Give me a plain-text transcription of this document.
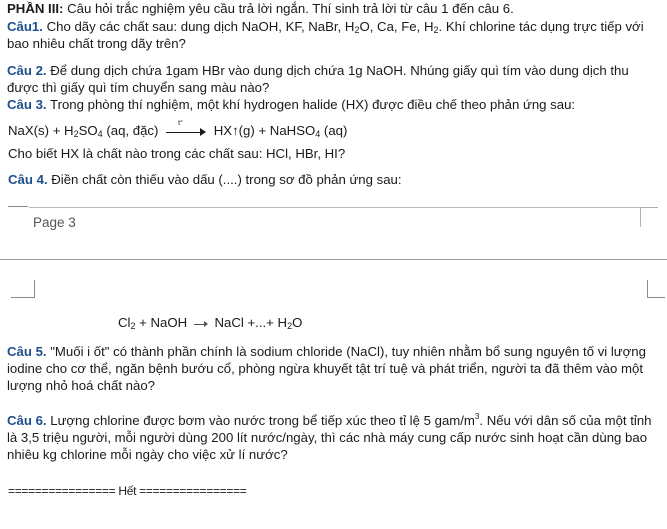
PHẦN III: Câu hỏi trắc nghiệm yêu cầu trả lời ngắn. Thí sinh trả lời từ câu 1 đến câu 6.
Câu1. Cho dãy các chất sau: dung dịch NaOH, KF, NaBr, $H_2O$, Ca, Fe, $H_2$. Khí chlorine tác dụng trực tiếp với bao nhiêu chất trong dãy trên?
Câu 2. Để dung dịch chứa 1gam HBr vào dung dịch chứa 1g NaOH. Nhúng giấy quì tím vào dung dịch thu được thì giấy quì tím chuyển sang màu nào?
Câu 3. Trong phòng thí nghiệm, một khí hydrogen halide (HX) được điều chế theo phản ứng sau:
$NaX(s) + H_2SO_4$ (aq, đặc)	t° HX↑(g) + NaHSO$_4$ (aq)
Cho biết HX là chất nào trong các chất sau: HCl, HBr, HI?
Câu 4. Điền chất còn thiếu vào dấu (....) trong sơ đồ phản ứng sau:
Page 3
$Cl_2$ + NaOH NaCl +...+ $H_2O$
Câu 5. "Muối i ốt" có thành phần chính là sodium chloride (NaCl), tuy nhiên nhằm bổ sung nguyên tố vi lượng iodine cho cơ thể, ngăn bệnh bướu cổ, phòng ngừa khuyết tật trí tuệ và phát triển, người ta đã thêm vào một lượng nhỏ hoá chất nào?
Câu 6. Lượng chlorine được bơm vào nước trong bể tiếp xúc theo tỉ lệ 5 gam/$m^3$. Nếu với dân số của một tỉnh là 3,5 triệu người, mỗi người dùng 200 lít nước/ngày, thì các nhà máy cung cấp nước sinh hoạt cần dùng bao nhiêu kg chlorine mỗi ngày cho việc xử lí nước?
================ Hết ================
